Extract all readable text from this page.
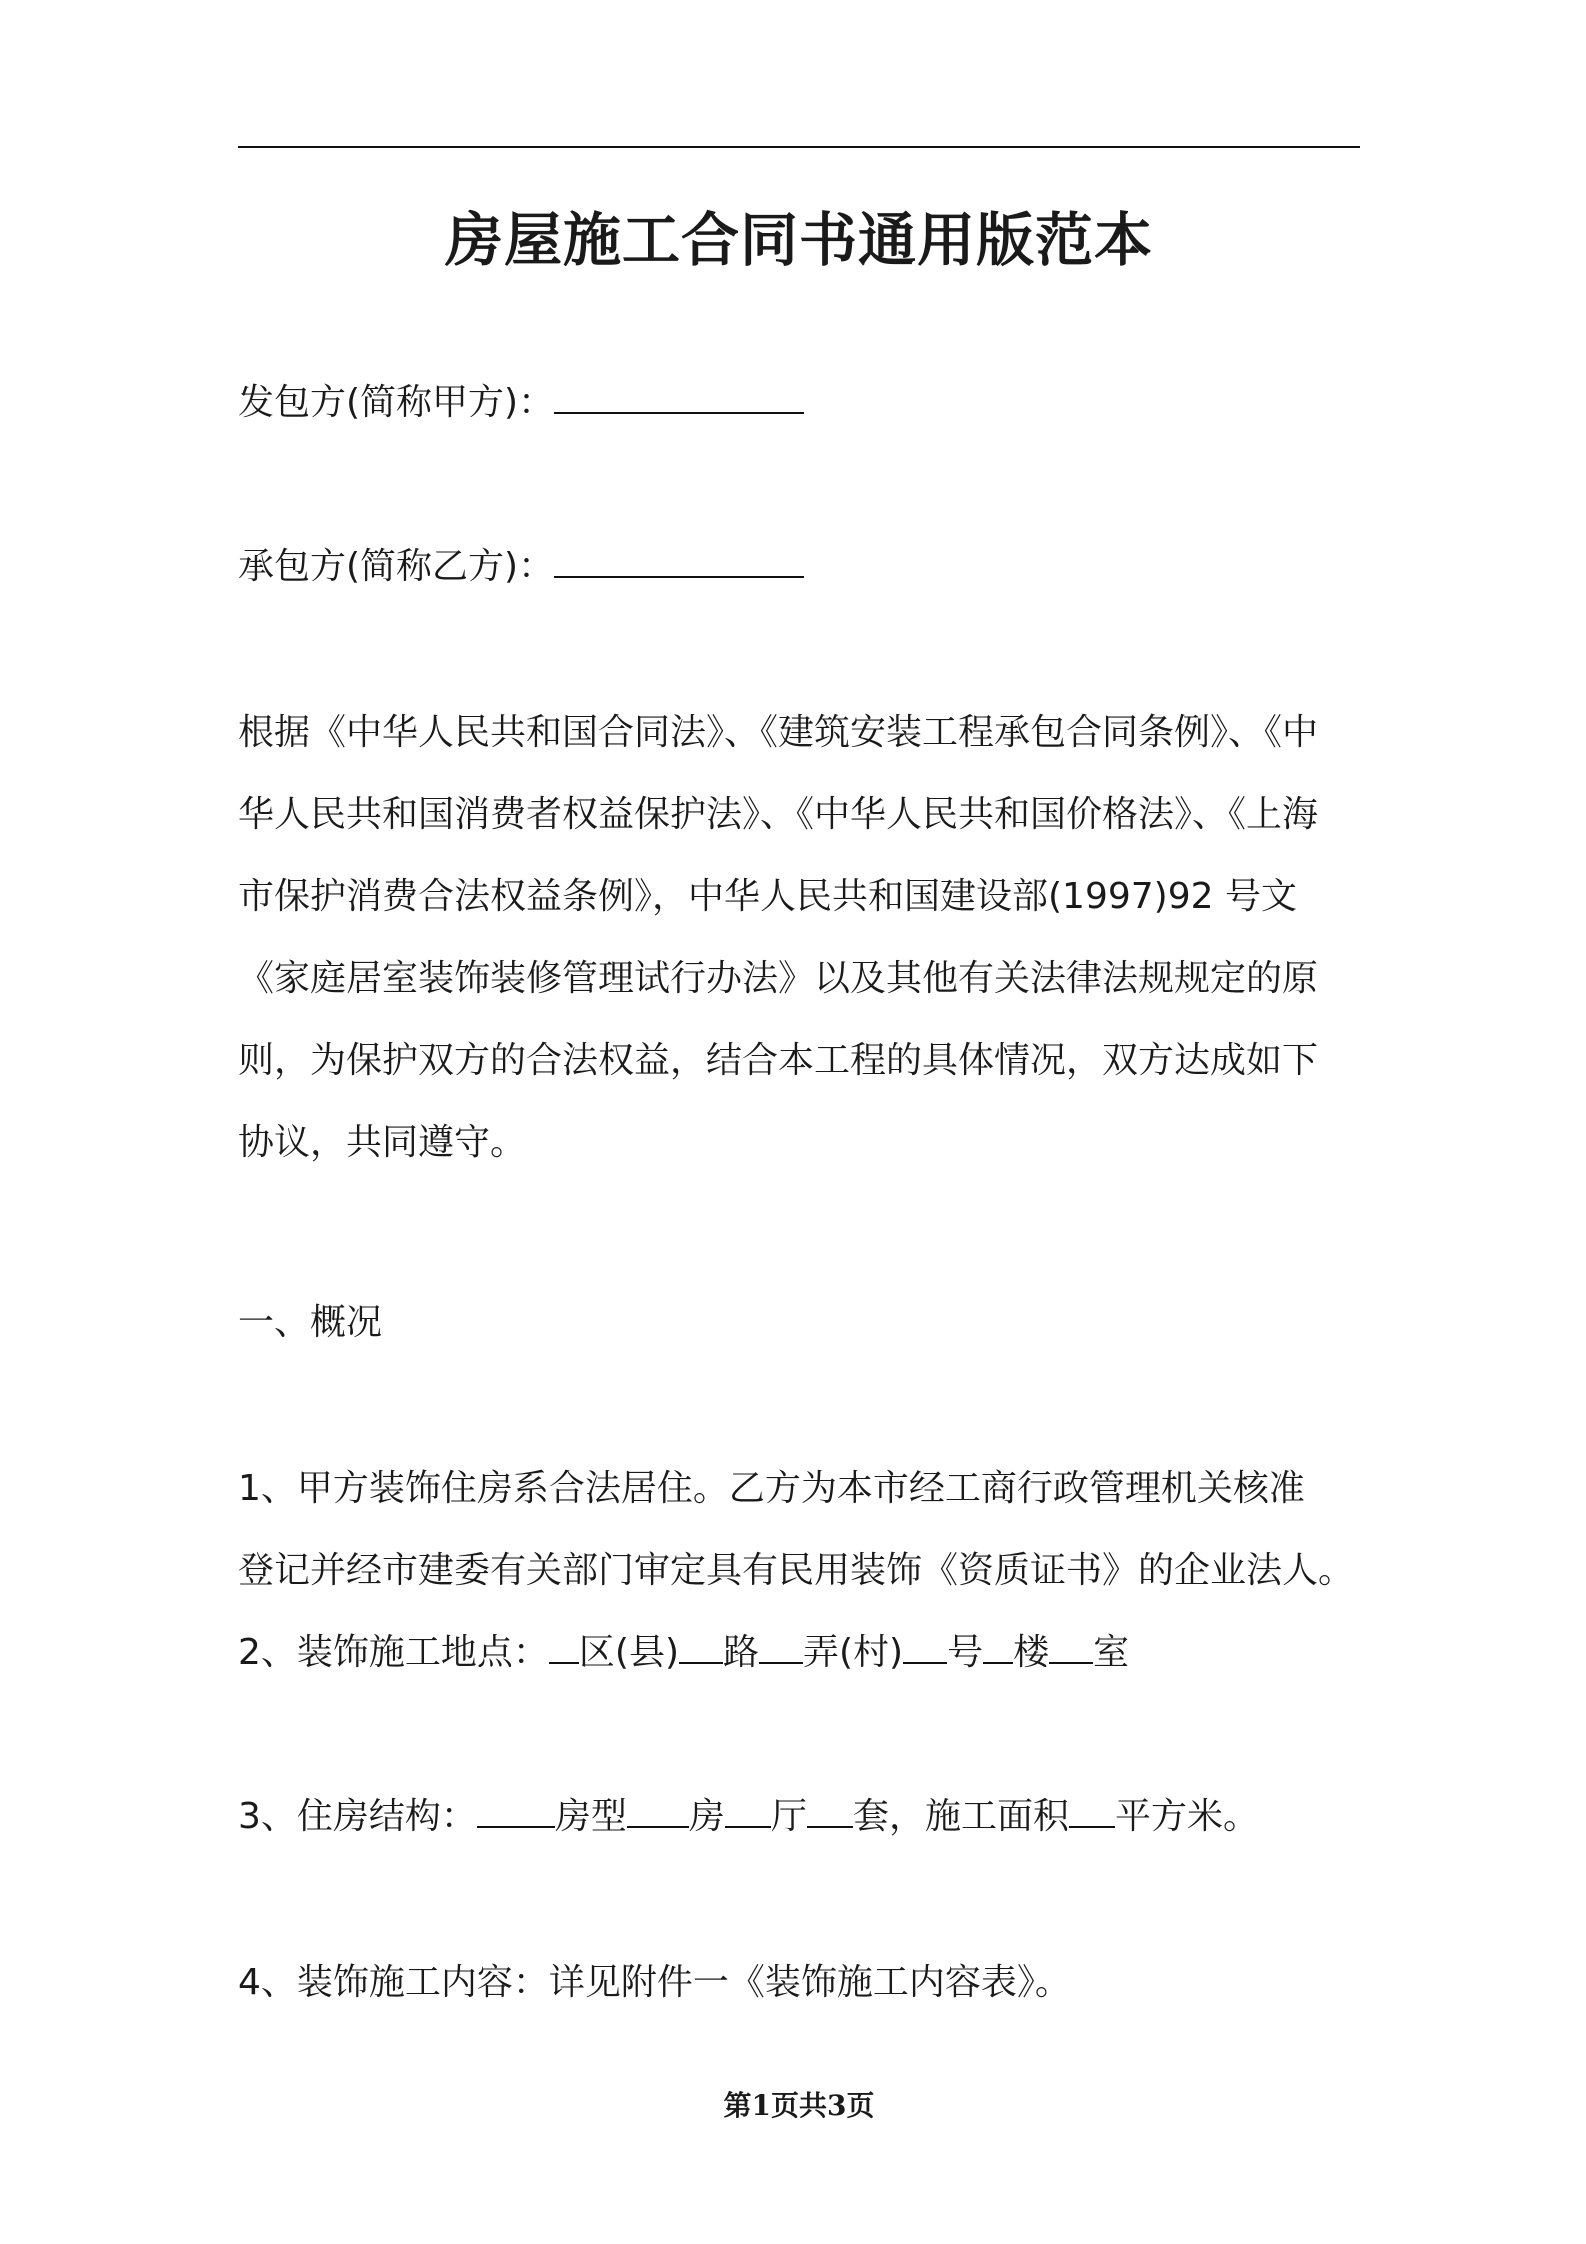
房屋施工合同书通用版范本
发包方(简称甲方)：
承包方(简称乙方)：
根据《中华人民共和国合同法》、《建筑安装工程承包合同条例》、《中
华人民共和国消费者权益保护法》、《中华人民共和国价格法》、《上海
市保护消费合法权益条例》，中华人民共和国建设部(1997)92 号文
《家庭居室装饰装修管理试行办法》以及其他有关法律法规规定的原
则，为保护双方的合法权益，结合本工程的具体情况，双方达成如下
协议，共同遵守。
一、概况
1、甲方装饰住房系合法居住。乙方为本市经工商行政管理机关核准
登记并经市建委有关部门审定具有民用装饰《资质证书》的企业法人。
2、装饰施工地点： 区(县) 路 弄(村) 号 楼 室
3、住房结构： 房型 房 厅 套，施工面积 平方米。
4、装饰施工内容：详见附件一《装饰施工内容表》。
第1页共3页
